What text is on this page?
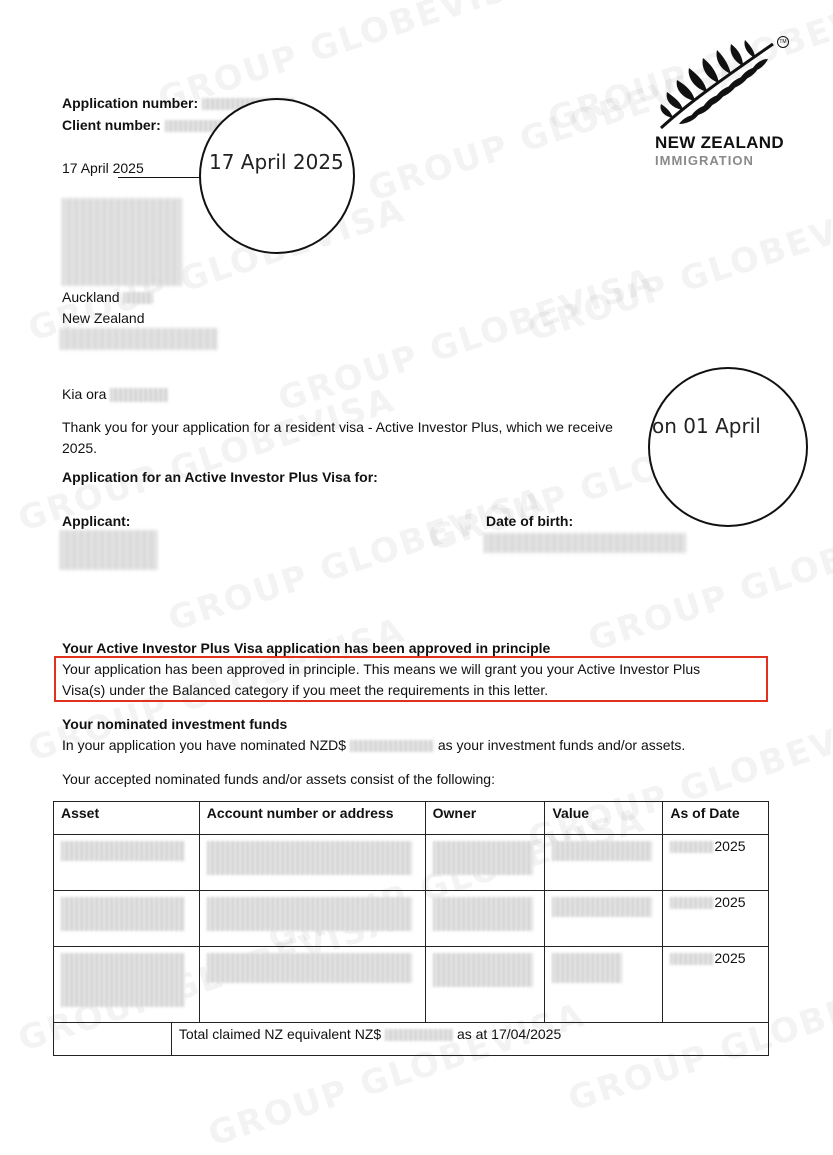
TM
NEW ZEALAND
IMMIGRATION
Application number:
Client number:
17 April 2025	17 April 2025
Auckland
New Zealand
Kia ora
Thank you for your application for a resident visa - Active Investor Plus, which we receive
2025.
on 01 April
Application for an Active Investor Plus Visa for:
Applicant:	Date of birth:
Your Active Investor Plus Visa application has been approved in principle
Your application has been approved in principle. This means we will grant you your Active Investor Plus
Visa(s) under the Balanced category if you meet the requirements in this letter.
Your nominated investment funds
In your application you have nominated NZD$	as your investment funds and/or assets.
Your accepted nominated funds and/or assets consist of the following:
Asset		Account number or address	Owner	Value	As of Date
					2025
					2025
					2025
	Total claimed NZ equivalent NZ$ as at 17/04/2025				
